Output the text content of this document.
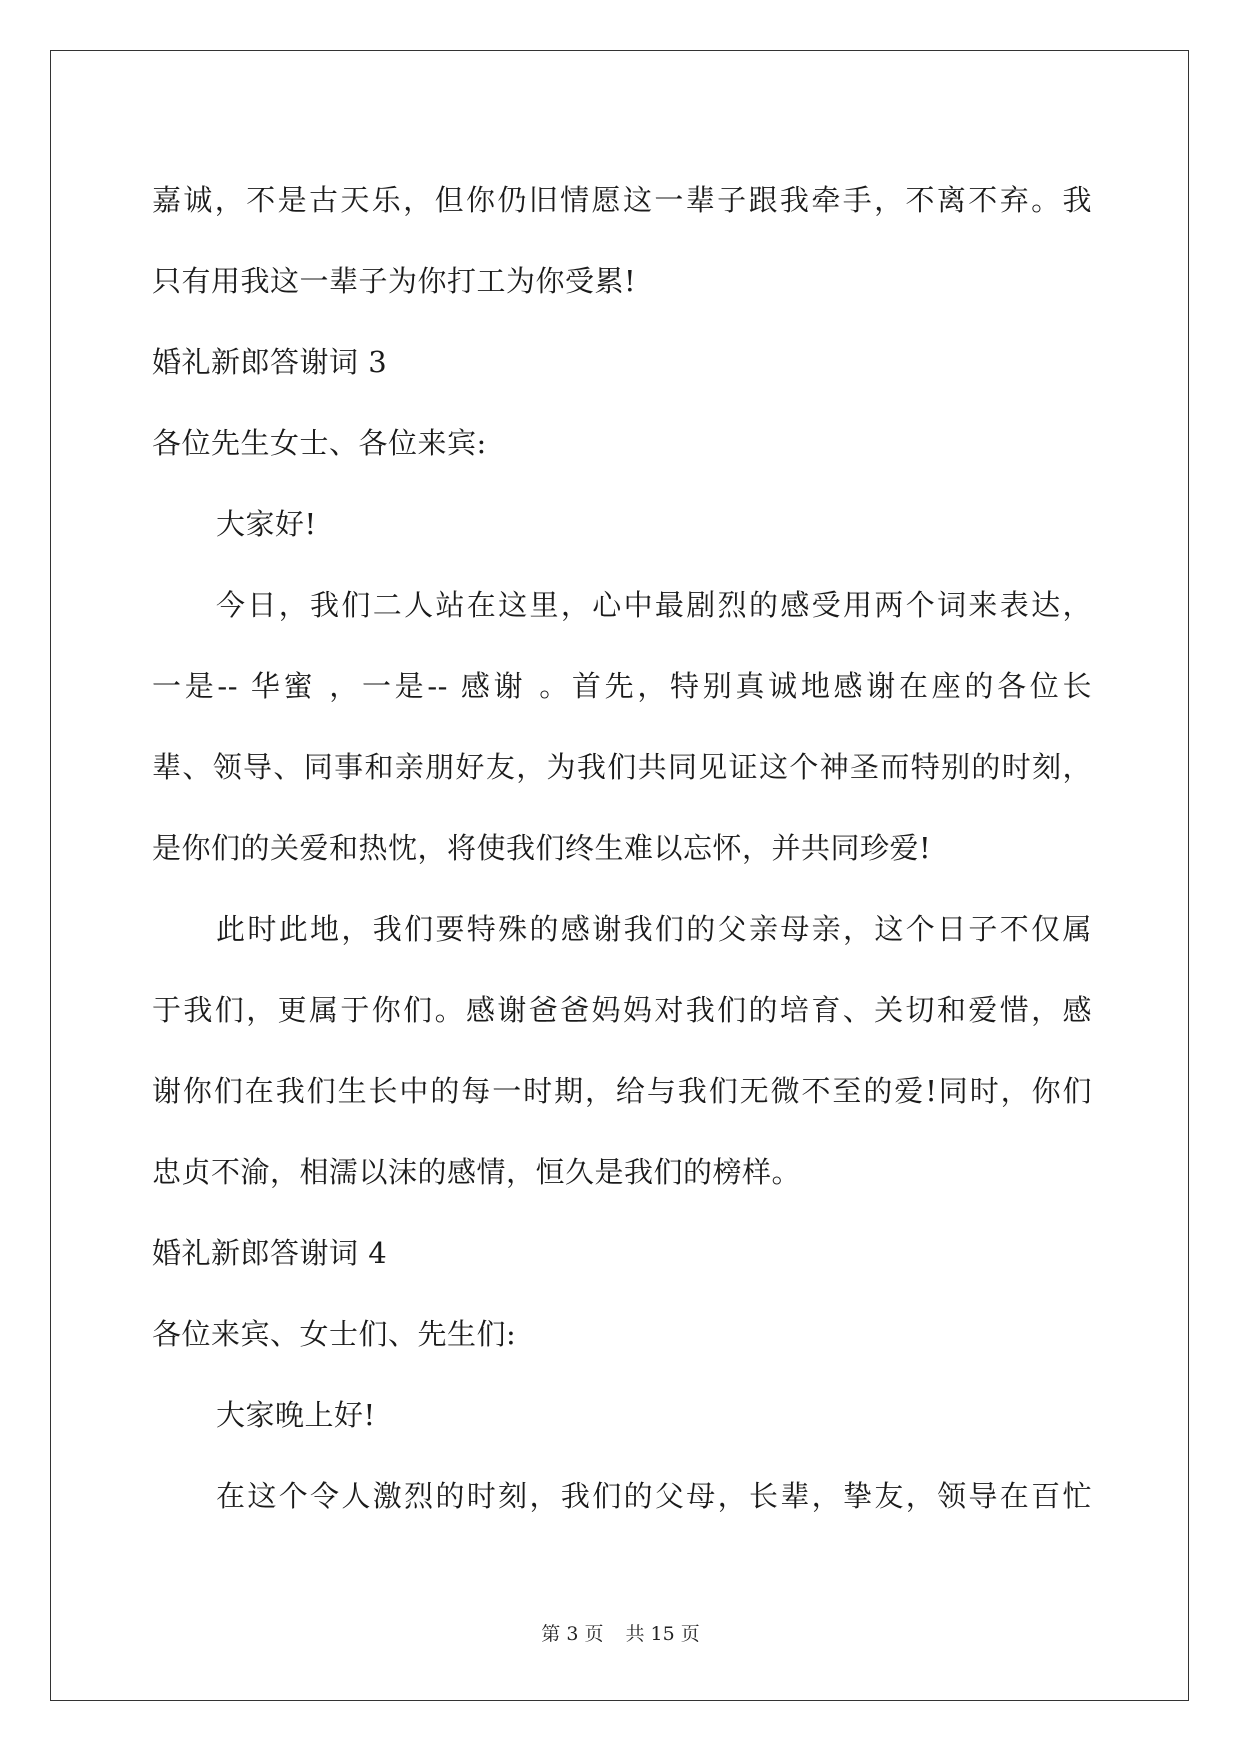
嘉诚，不是古天乐，但你仍旧情愿这一辈子跟我牵手，不离不弃。我
只有用我这一辈子为你打工为你受累!
婚礼新郎答谢词 3
各位先生女士、各位来宾:
大家好!
今日，我们二人站在这里，心中最剧烈的感受用两个词来表达，
一是-- 华蜜 ，一是-- 感谢 。首先，特别真诚地感谢在座的各位长
辈、领导、同事和亲朋好友，为我们共同见证这个神圣而特别的时刻，
是你们的关爱和热忱，将使我们终生难以忘怀，并共同珍爱!
此时此地，我们要特殊的感谢我们的父亲母亲，这个日子不仅属
于我们，更属于你们。感谢爸爸妈妈对我们的培育、关切和爱惜，感
谢你们在我们生长中的每一时期，给与我们无微不至的爱!同时，你们
忠贞不渝，相濡以沫的感情，恒久是我们的榜样。
婚礼新郎答谢词 4
各位来宾、女士们、先生们:
大家晚上好!
在这个令人激烈的时刻，我们的父母，长辈，挚友，领导在百忙
第 3 页 共 15 页
